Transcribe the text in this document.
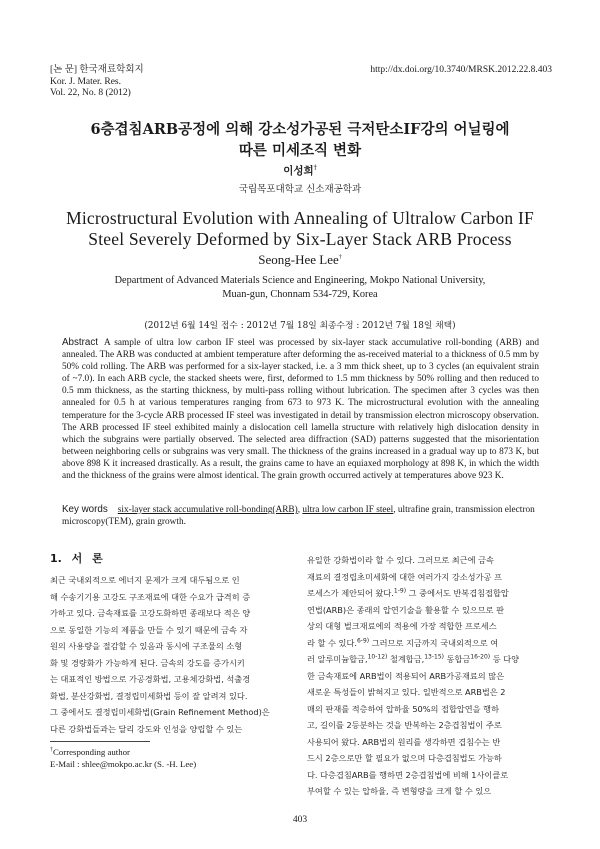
[논 문] 한국재료학회지
Kor. J. Mater. Res.
Vol. 22, No. 8 (2012)
http://dx.doi.org/10.3740/MRSK.2012.22.8.403
6층겹침ARB공정에 의해 강소성가공된 극저탄소IF강의 어닐링에
따른 미세조직 변화
이성희†
국립목포대학교 신소재공학과
Microstructural Evolution with Annealing of Ultralow Carbon IF
Steel Severely Deformed by Six-Layer Stack ARB Process
Seong-Hee Lee†
Department of Advanced Materials Science and Engineering, Mokpo National University,
Muan-gun, Chonnam 534-729, Korea
(2012년 6월 14일 접수 : 2012년 7월 18일 최종수정 : 2012년 7월 18일 채택)
Abstract A sample of ultra low carbon IF steel was processed by six-layer stack accumulative roll-bonding (ARB) and annealed. The ARB was conducted at ambient temperature after deforming the as-received material to a thickness of 0.5 mm by 50% cold rolling. The ARB was performed for a six-layer stacked, i.e. a 3 mm thick sheet, up to 3 cycles (an equivalent strain of ~7.0). In each ARB cycle, the stacked sheets were, first, deformed to 1.5 mm thickness by 50% rolling and then reduced to 0.5 mm thickness, as the starting thickness, by multi-pass rolling without lubrication. The specimen after 3 cycles was then annealed for 0.5 h at various temperatures ranging from 673 to 973 K. The microstructural evolution with the annealing temperature for the 3-cycle ARB processed IF steel was investigated in detail by transmission electron microscopy observation. The ARB processed IF steel exhibited mainly a dislocation cell lamella structure with relatively high dislocation density in which the subgrains were partially observed. The selected area diffraction (SAD) patterns suggested that the misorientation between neighboring cells or subgrains was very small. The thickness of the grains increased in a gradual way up to 873 K, but above 898 K it increased drastically. As a result, the grains came to have an equiaxed morphology at 898 K, in which the width and the thickness of the grains were almost identical. The grain growth occurred actively at temperatures above 923 K.
Key words six-layer stack accumulative roll-bonding(ARB), ultra low carbon IF steel, ultrafine grain, transmission electron microscopy(TEM), grain growth.
1. 서 론
최근 국내외적으로 에너지 문제가 크게 대두됨으로 인
해 수송기기용 고강도 구조재료에 대한 수요가 급격히 증
가하고 있다. 금속재료를 고강도화하면 종래보다 적은 양
으로 동일한 기능의 제품을 만들 수 있기 때문에 금속 자
원의 사용량을 절감할 수 있음과 동시에 구조물의 소형
화 및 경량화가 가능하게 된다. 금속의 강도를 증가시키
는 대표적인 방법으로 가공경화법, 고용체강화법, 석출경
화법, 분산강화법, 결정립미세화법 등이 잘 알려져 있다.
그 중에서도 결정립미세화법(Grain Refinement Method)은
다른 강화법들과는 달리 강도와 인성을 양립할 수 있는
†Corresponding author
E-Mail : shlee@mokpo.ac.kr (S. -H. Lee)
유일한 강화법이라 할 수 있다. 그러므로 최근에 금속
재료의 결정립초미세화에 대한 여러가지 강소성가공 프
로세스가 제안되어 왔다.$^{1-9)}$ 그 중에서도 반복겹침접합압
연법(ARB)은 종래의 압연기술을 활용할 수 있으므로 판
상의 대형 벌크재료에의 적용에 가장 적합한 프로세스
라 할 수 있다.$^{6-9)}$ 그러므로 지금까지 국내외적으로 여
러 알루미늄합금,$^{10-12)}$ 철계합금,$^{13-15)}$ 동합금$^{16-20)}$ 등 다양
한 금속재료에 ARB법이 적용되어 ARB가공재료의 많은
새로운 특성들이 밝혀지고 있다. 일반적으로 ARB법은 2
매의 판재를 적층하여 압하율 50%의 접합압연을 행하
고, 길이를 2등분하는 것을 반복하는 2층겹침법이 주로
사용되어 왔다. ARB법의 원리를 생각하면 겹침수는 반
드시 2층으로만 할 필요가 없으며 다층겹침법도 가능하
다. 다층겹침ARB를 행하면 2층겹침법에 비해 1사이클로
부여할 수 있는 압하율, 즉 변형량을 크게 할 수 있으
403
